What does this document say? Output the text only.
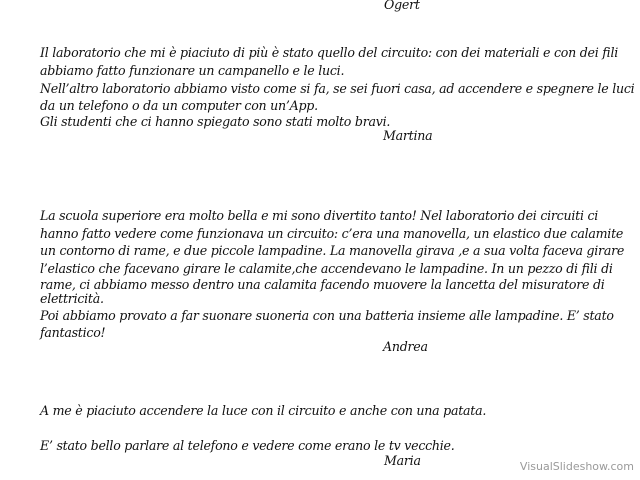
Ogert

Il laboratorio che mi è piaciuto di più è stato quello del circuito: con dei materiali e con dei fili

abbiamo fatto funzionare un campanello e le luci.

Nell’altro laboratorio abbiamo visto come si fa, se sei fuori casa, ad accendere e spegnere le luci

da un telefono o da un computer con un’App.

Gli studenti che ci hanno spiegato sono stati molto bravi.

Martina

La scuola superiore era molto bella e mi sono divertito tanto! Nel laboratorio dei circuiti ci

hanno fatto vedere come funzionava un circuito: c’era una manovella, un elastico due calamite

un contorno di rame, e due piccole lampadine. La manovella girava ,e a sua volta faceva girare

l’elastico che facevano girare le calamite,che accendevano le lampadine. In un pezzo di fili di

rame, ci abbiamo messo dentro una calamita facendo muovere la lancetta del misuratore di

elettricità.

Poi abbiamo provato a far suonare suoneria con una batteria insieme alle lampadine. E’ stato

fantastico!

Andrea

A me è piaciuto accendere la luce con il circuito e anche con una patata.

E’ stato bello parlare al telefono e vedere come erano le tv vecchie.

Maria	VisualSlideshow.com
